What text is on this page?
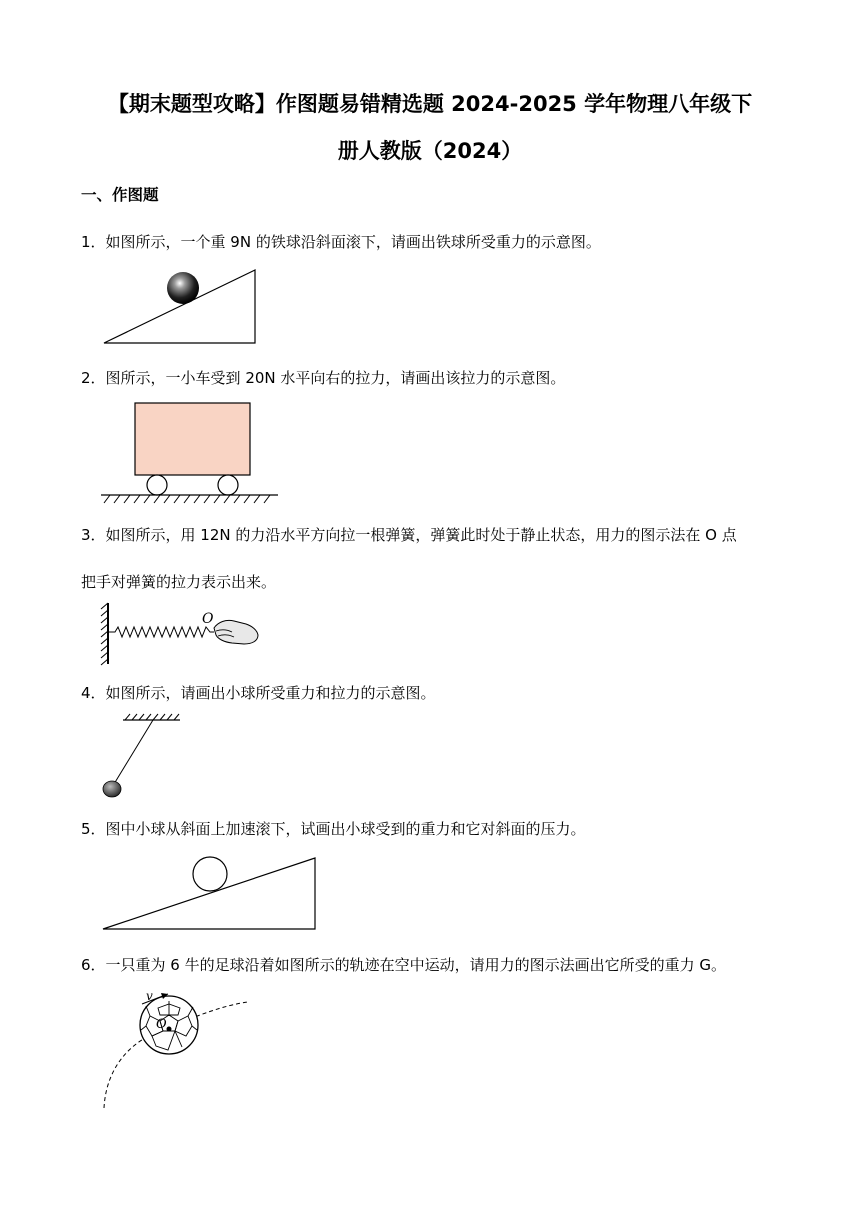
【期末题型攻略】作图题易错精选题 2024-2025 学年物理八年级下
册人教版（2024）
一、作图题
1．如图所示，一个重 9N 的铁球沿斜面滚下，请画出铁球所受重力的示意图。
2．图所示，一小车受到 20N 水平向右的拉力，请画出该拉力的示意图。
3．如图所示，用 12N 的力沿水平方向拉一根弹簧，弹簧此时处于静止状态，用力的图示法在 O 点
把手对弹簧的拉力表示出来。
4．如图所示，请画出小球所受重力和拉力的示意图。
5．图中小球从斜面上加速滚下，试画出小球受到的重力和它对斜面的压力。
6．一只重为 6 牛的足球沿着如图所示的轨迹在空中运动，请用力的图示法画出它所受的重力 G。
O
v
O
